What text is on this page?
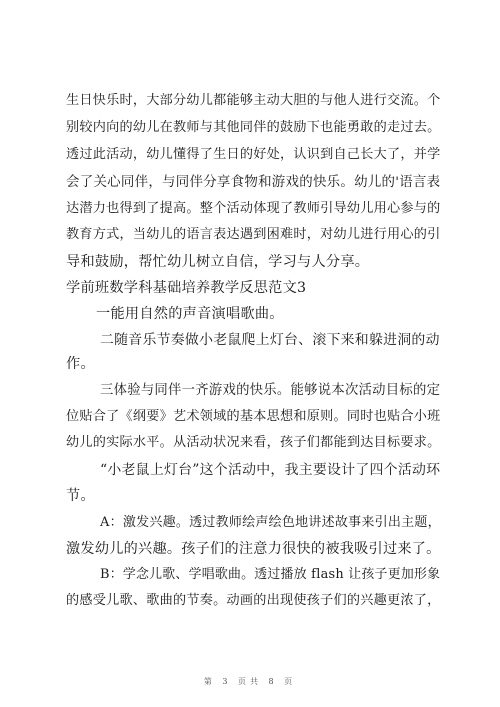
生日快乐时，大部分幼儿都能够主动大胆的与他人进行交流。个
别较内向的幼儿在教师与其他同伴的鼓励下也能勇敢的走过去。
透过此活动，幼儿懂得了生日的好处，认识到自己长大了，并学
会了关心同伴，与同伴分享食物和游戏的快乐。幼儿的'语言表
达潜力也得到了提高。整个活动体现了教师引导幼儿用心参与的
教育方式，当幼儿的语言表达遇到困难时，对幼儿进行用心的引
导和鼓励，帮忙幼儿树立自信，学习与人分享。
学前班数学科基础培养教学反思范文3
一能用自然的声音演唱歌曲。
二随音乐节奏做小老鼠爬上灯台、滚下来和躲进洞的动
作。
三体验与同伴一齐游戏的快乐。能够说本次活动目标的定
位贴合了《纲要》艺术领域的基本思想和原则。同时也贴合小班
幼儿的实际水平。从活动状况来看，孩子们都能到达目标要求。
“小老鼠上灯台”这个活动中，我主要设计了四个活动环
节。
A：激发兴趣。透过教师绘声绘色地讲述故事来引出主题，
激发幼儿的兴趣。孩子们的注意力很快的被我吸引过来了。
B：学念儿歌、学唱歌曲。透过播放 flash 让孩子更加形象
的感受儿歌、歌曲的节奏。动画的出现使孩子们的兴趣更浓了，
第 3 页共 8 页
